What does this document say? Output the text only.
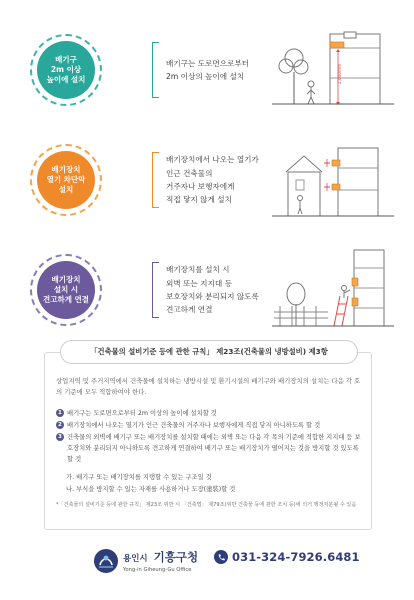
배기구
2m 이상
높이에 설치
배기구는 도로면으로부터
2m 이상의 높이에 설치	2,000mm
배기장치
열기 차단막
설치
배기장치에서 나오는 열기가
인근 건축물의
거주자나 보행자에게
직접 닿지 않게 설치
배기장치
설치 시
견고하게 연결
배기장치를 설치 시
외벽 또는 지지대 등
보호장치와 분리되지 않도록
견고하게 연결
「건축물의 설비기준 등에 관한 규칙」 제23조(건축물의 냉방설비) 제3항

상업지역 및 주거지역에서 건축물에 설치하는 냉방시설 및 환기시설의 배기구와 배기장치의 설치는 다음 각 호의 기준에 모두 적합하여야 한다.

1 배기구는 도로면으로부터 2m 이상의 높이에 설치할 것
2 배기장치에서 나오는 열기가 인근 건축물의 거주자나 보행자에게 직접 닿지 아니하도록 할 것
3 건축물의 외벽에 배기구 또는 배기장치를 설치할 때에는 외벽 또는 다음 각 목의 기준에 적합한 지지대 등 보호장치와 분리되지 아니하도록 견고하게 연결하여 배기구 또는 배기장치가 떨어지는 것을 방지할 것 있도록 할 것
가. 배기구 또는 배기장치를 지탱할 수 있는 구조일 것
나. 부식을 방지할 수 있는 자재를 사용하거나 도장(塗裝)할 것
*「건축물의 설비기준 등에 관한 규칙」 제23조 위반 시 「건축법」 제79조(위반 건축물 등에 관한 조치 등)에 의거 행정처분될 수 있음
용인시 기흥구청
Yong-in Giheung-Gu Office
031-324-7926.6481
